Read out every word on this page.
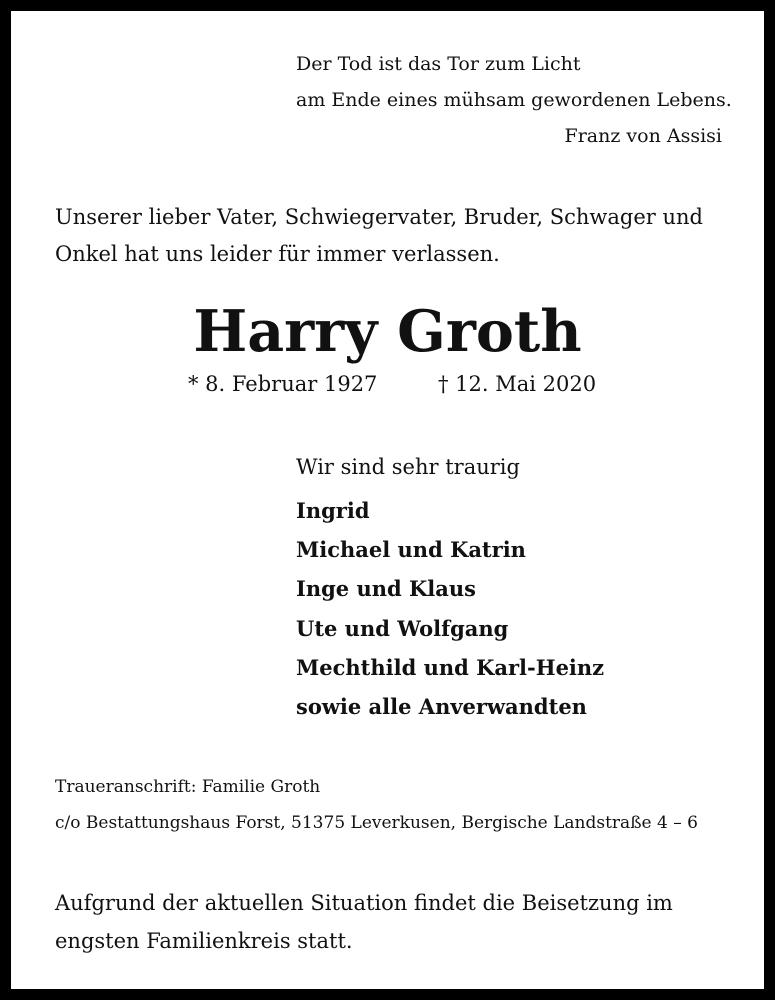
Der Tod ist das Tor zum Licht

am Ende eines mühsam gewordenen Lebens.

Franz von Assisi

Unserer lieber Vater, Schwiegervater, Bruder, Schwager und

Onkel hat uns leider für immer verlassen.

Harry Groth

* 8. Februar 1927	† 12. Mai 2020

Wir sind sehr traurig

Ingrid
Michael und Katrin
Inge und Klaus
Ute und Wolfgang
Mechthild und Karl-Heinz
sowie alle Anverwandten

Traueranschrift: Familie Groth

c/o Bestattungshaus Forst, 51375 Leverkusen, Bergische Landstraße 4 – 6

Aufgrund der aktuellen Situation findet die Beisetzung im

engsten Familienkreis statt.
